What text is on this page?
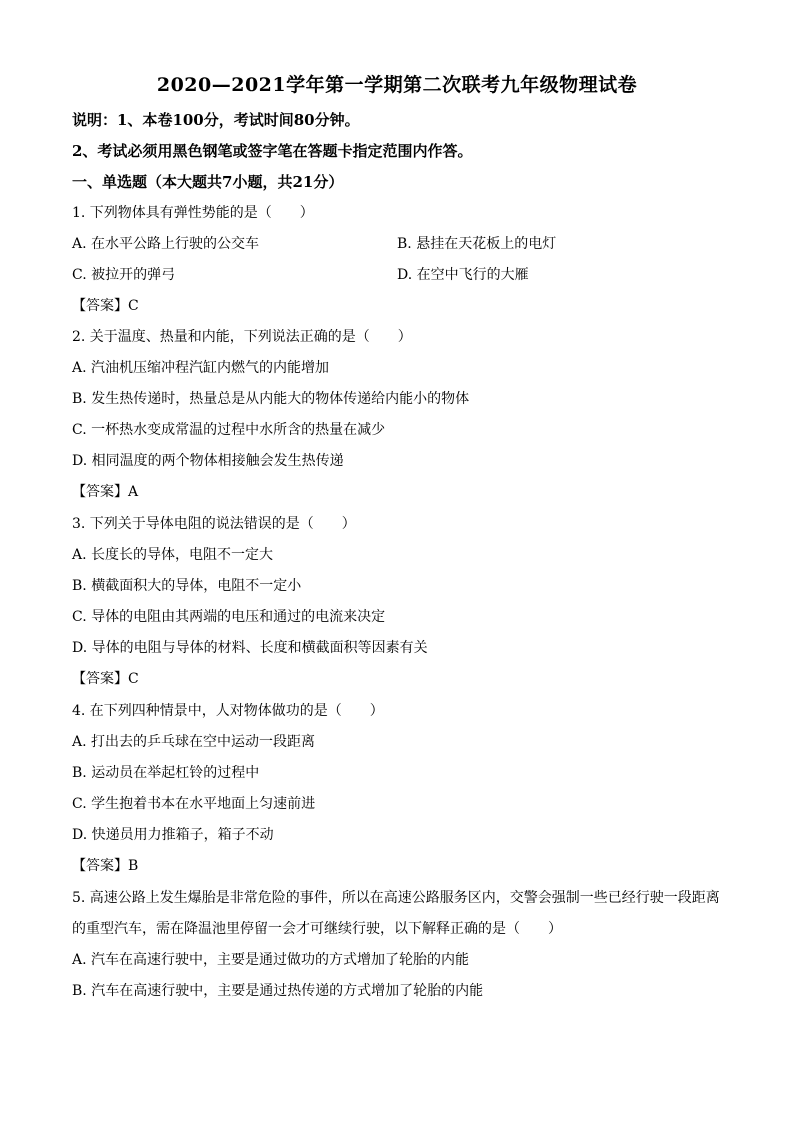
2020—2021学年第一学期第二次联考九年级物理试卷
说明：1、本卷100分，考试时间80分钟。
2、考试必须用黑色钢笔或签字笔在答题卡指定范围内作答。
一、单选题（本大题共7小题，共21分）
1. 下列物体具有弹性势能的是（　　）
A. 在水平公路上行驶的公交车	B. 悬挂在天花板上的电灯
C. 被拉开的弹弓	D. 在空中飞行的大雁
【答案】C
2. 关于温度、热量和内能，下列说法正确的是（　　）
A. 汽油机压缩冲程汽缸内燃气的内能增加
B. 发生热传递时，热量总是从内能大的物体传递给内能小的物体
C. 一杯热水变成常温的过程中水所含的热量在减少
D. 相同温度的两个物体相接触会发生热传递
【答案】A
3. 下列关于导体电阻的说法错误的是（　　）
A. 长度长的导体，电阻不一定大
B. 横截面积大的导体，电阻不一定小
C. 导体的电阻由其两端的电压和通过的电流来决定
D. 导体的电阻与导体的材料、长度和横截面积等因素有关
【答案】C
4. 在下列四种情景中，人对物体做功的是（　　）
A. 打出去的乒乓球在空中运动一段距离
B. 运动员在举起杠铃的过程中
C. 学生抱着书本在水平地面上匀速前进
D. 快递员用力推箱子，箱子不动
【答案】B
5. 高速公路上发生爆胎是非常危险的事件，所以在高速公路服务区内，交警会强制一些已经行驶一段距离
的重型汽车，需在降温池里停留一会才可继续行驶，以下解释正确的是（　　）
A. 汽车在高速行驶中，主要是通过做功的方式增加了轮胎的内能
B. 汽车在高速行驶中，主要是通过热传递的方式增加了轮胎的内能
